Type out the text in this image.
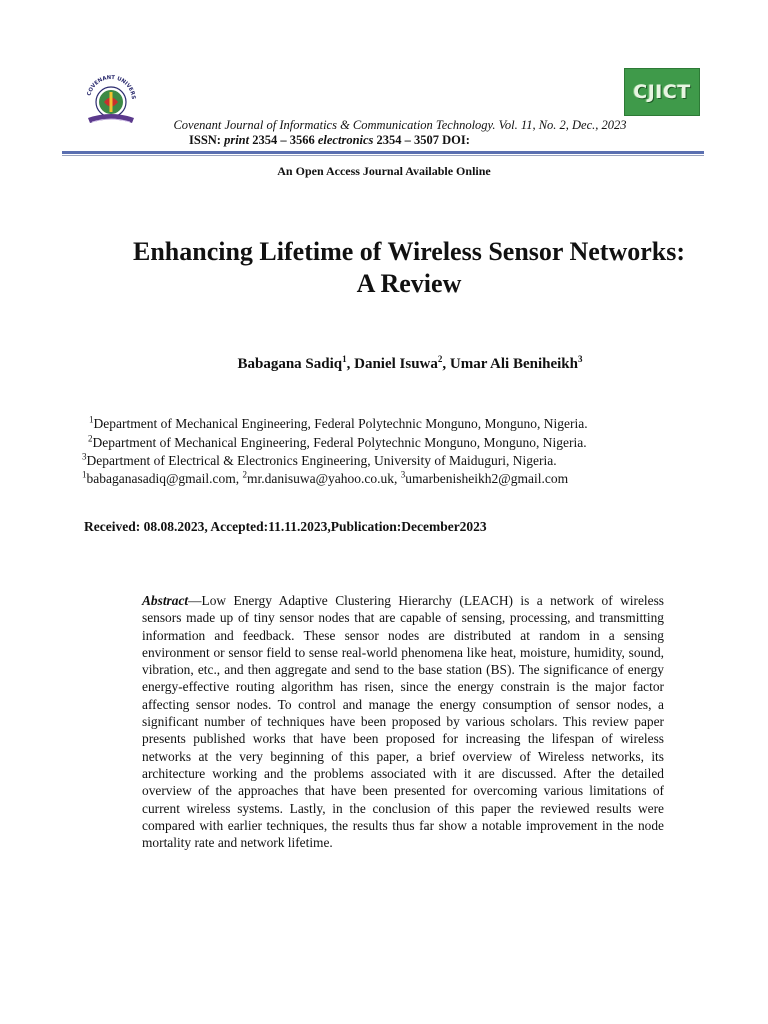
COVENANT UNIVERS	CJICT
Covenant Journal of Informatics & Communication Technology. Vol. 11, No. 2, Dec., 2023
ISSN: print 2354 – 3566 electronics 2354 – 3507 DOI:
An Open Access Journal Available Online
Enhancing Lifetime of Wireless Sensor Networks:
A Review
Babagana Sadiq$^1$, Daniel Isuwa$^2$, Umar Ali Beniheikh$^3$
$^1$Department of Mechanical Engineering, Federal Polytechnic Monguno, Monguno, Nigeria.
$^2$Department of Mechanical Engineering, Federal Polytechnic Monguno, Monguno, Nigeria.
$^3$Department of Electrical & Electronics Engineering, University of Maiduguri, Nigeria.
$^1$babaganasadiq@gmail.com, $^2$mr.danisuwa@yahoo.co.uk, $^3$umarbenisheikh2@gmail.com
Received: 08.08.2023, Accepted:11.11.2023,Publication:December2023
Abstract—Low Energy Adaptive Clustering Hierarchy (LEACH) is a network of wireless sensors made up of tiny sensor nodes that are capable of sensing, processing, and transmitting information and feedback. These sensor nodes are distributed at random in a sensing environment or sensor field to sense real-world phenomena like heat, moisture, humidity, sound, vibration, etc., and then aggregate and send to the base station (BS). The significance of energy energy-effective routing algorithm has risen, since the energy constrain is the major factor affecting sensor nodes. To control and manage the energy consumption of sensor nodes, a significant number of techniques have been proposed by various scholars. This review paper presents published works that have been proposed for increasing the lifespan of wireless networks at the very beginning of this paper, a brief overview of Wireless networks, its architecture working and the problems associated with it are discussed. After the detailed overview of the approaches that have been presented for overcoming various limitations of current wireless systems. Lastly, in the conclusion of this paper the reviewed results were compared with earlier techniques, the results thus far show a notable improvement in the node mortality rate and network lifetime.
